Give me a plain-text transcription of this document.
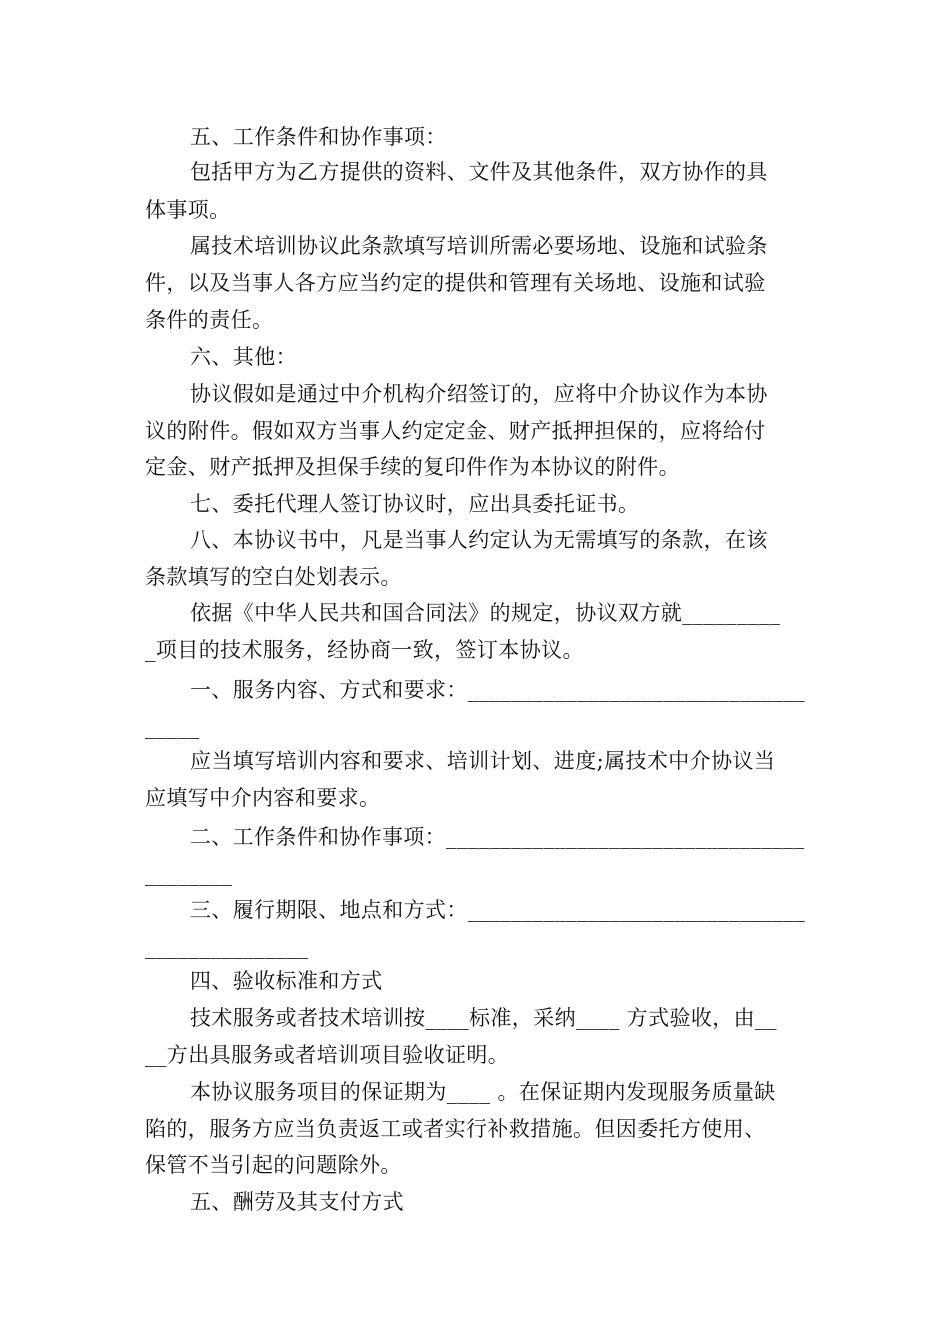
五、工作条件和协作事项：
包括甲方为乙方提供的资料、文件及其他条件，双方协作的具
体事项。
属技术培训协议此条款填写培训所需必要场地、设施和试验条
件，以及当事人各方应当约定的提供和管理有关场地、设施和试验
条件的责任。
六、其他：
协议假如是通过中介机构介绍签订的，应将中介协议作为本协
议的附件。假如双方当事人约定定金、财产抵押担保的，应将给付
定金、财产抵押及担保手续的复印件作为本协议的附件。
七、委托代理人签订协议时，应出具委托证书。
八、本协议书中，凡是当事人约定认为无需填写的条款，在该
条款填写的空白处划表示。
依据《中华人民共和国合同法》的规定，协议双方就_________
_项目的技术服务，经协商一致，签订本协议。
一、服务内容、方式和要求：_______________________________
_____
应当填写培训内容和要求、培训计划、进度;属技术中介协议当
应填写中介内容和要求。
二、工作条件和协作事项：_________________________________
________
三、履行期限、地点和方式：_______________________________
_______________
四、验收标准和方式
技术服务或者技术培训按____标准，采纳____ 方式验收，由__
__方出具服务或者培训项目验收证明。
本协议服务项目的保证期为____ 。在保证期内发现服务质量缺
陷的，服务方应当负责返工或者实行补救措施。但因委托方使用、
保管不当引起的问题除外。
五、酬劳及其支付方式
